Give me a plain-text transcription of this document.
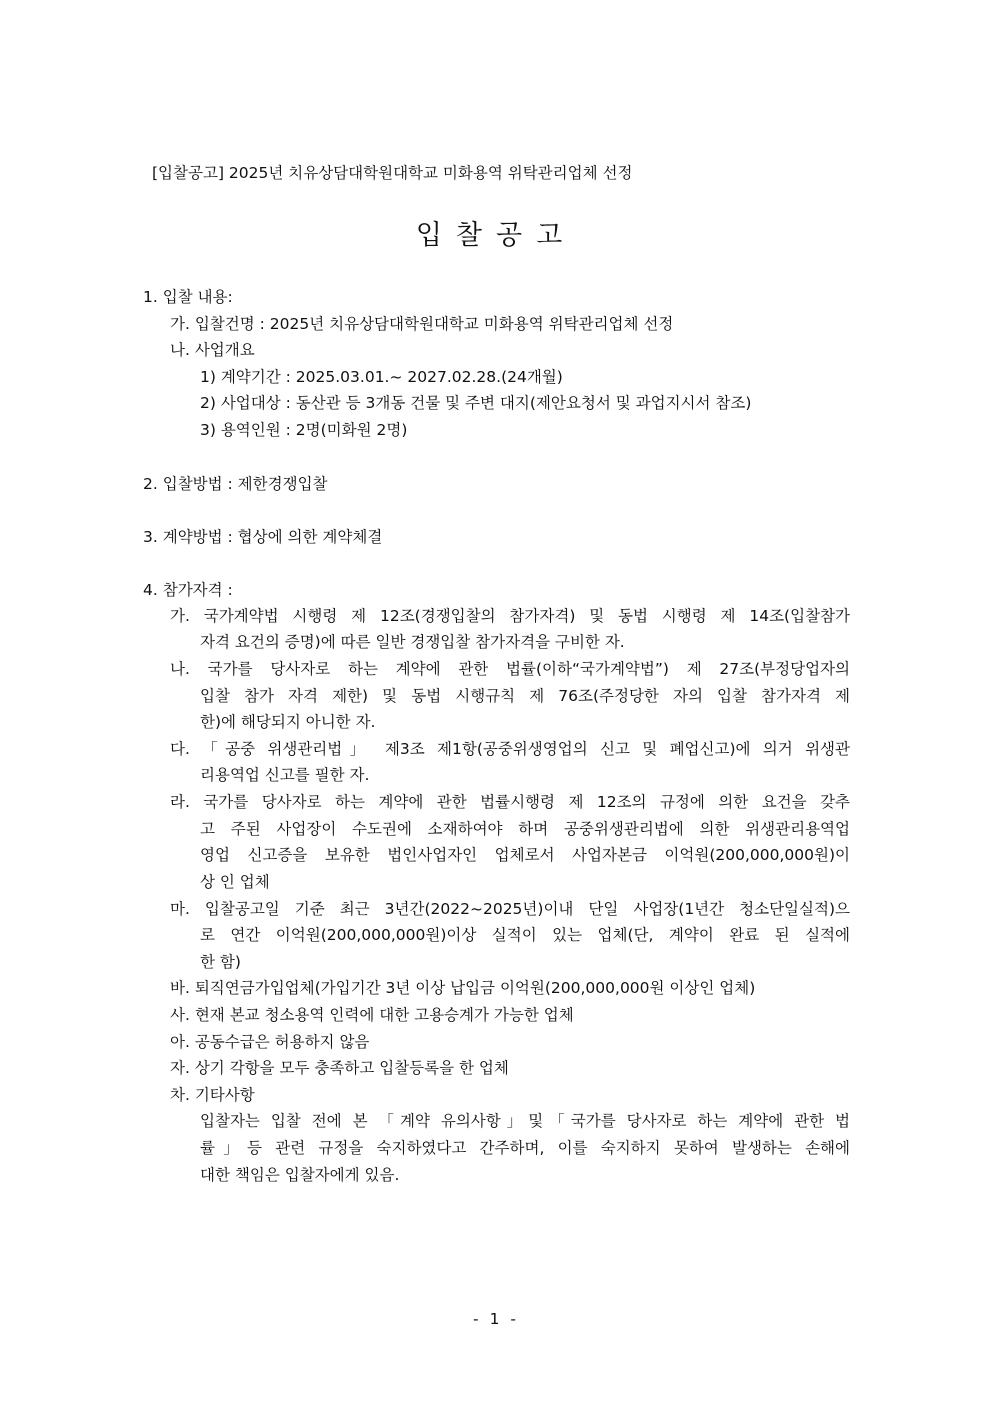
[입찰공고] 2025년 치유상담대학원대학교 미화용역 위탁관리업체 선정
입찰공고
1. 입찰 내용:
가. 입찰건명 : 2025년 치유상담대학원대학교 미화용역 위탁관리업체 선정
나. 사업개요
1) 계약기간 : 2025.03.01.~ 2027.02.28.(24개월)
2) 사업대상 : 동산관 등 3개동 건물 및 주변 대지(제안요청서 및 과업지시서 참조)
3) 용역인원 : 2명(미화원 2명)
2. 입찰방법 : 제한경쟁입찰
3. 계약방법 : 협상에 의한 계약체결
4. 참가자격 :
가. 국가계약법 시행령 제 12조(경쟁입찰의 참가자격) 및 동법 시행령 제 14조(입찰참가
자격 요건의 증명)에 따른 일반 경쟁입찰 참가자격을 구비한 자.
나. 국가를 당사자로 하는 계약에 관한 법률(이하“국가계약법”) 제 27조(부정당업자의
입찰 참가 자격 제한) 및 동법 시행규칙 제 76조(주정당한 자의 입찰 참가자격 제
한)에 해당되지 아니한 자.
다. 「공중 위생관리법」 제3조 제1항(공중위생영업의 신고 및 폐업신고)에 의거 위생관
리용역업 신고를 필한 자.
라. 국가를 당사자로 하는 계약에 관한 법률시행령 제 12조의 규정에 의한 요건을 갖추
고 주된 사업장이 수도권에 소재하여야 하며 공중위생관리법에 의한 위생관리용역업
영업 신고증을 보유한 법인사업자인 업체로서 사업자본금 이억원(200,000,000원)이
상 인 업체
마. 입찰공고일 기준 최근 3년간(2022~2025년)이내 단일 사업장(1년간 청소단일실적)으
로 연간 이억원(200,000,000원)이상 실적이 있는 업체(단, 계약이 완료 된 실적에
한 함)
바. 퇴직연금가입업체(가입기간 3년 이상 납입금 이억원(200,000,000원 이상인 업체)
사. 현재 본교 청소용역 인력에 대한 고용승계가 가능한 업체
아. 공동수급은 허용하지 않음
자. 상기 각항을 모두 충족하고 입찰등록을 한 업체
차. 기타사항
입찰자는 입찰 전에 본 「계약 유의사항」및「국가를 당사자로 하는 계약에 관한 법
률」등 관련 규정을 숙지하였다고 간주하며, 이를 숙지하지 못하여 발생하는 손해에
대한 책임은 입찰자에게 있음.
- 1 -
